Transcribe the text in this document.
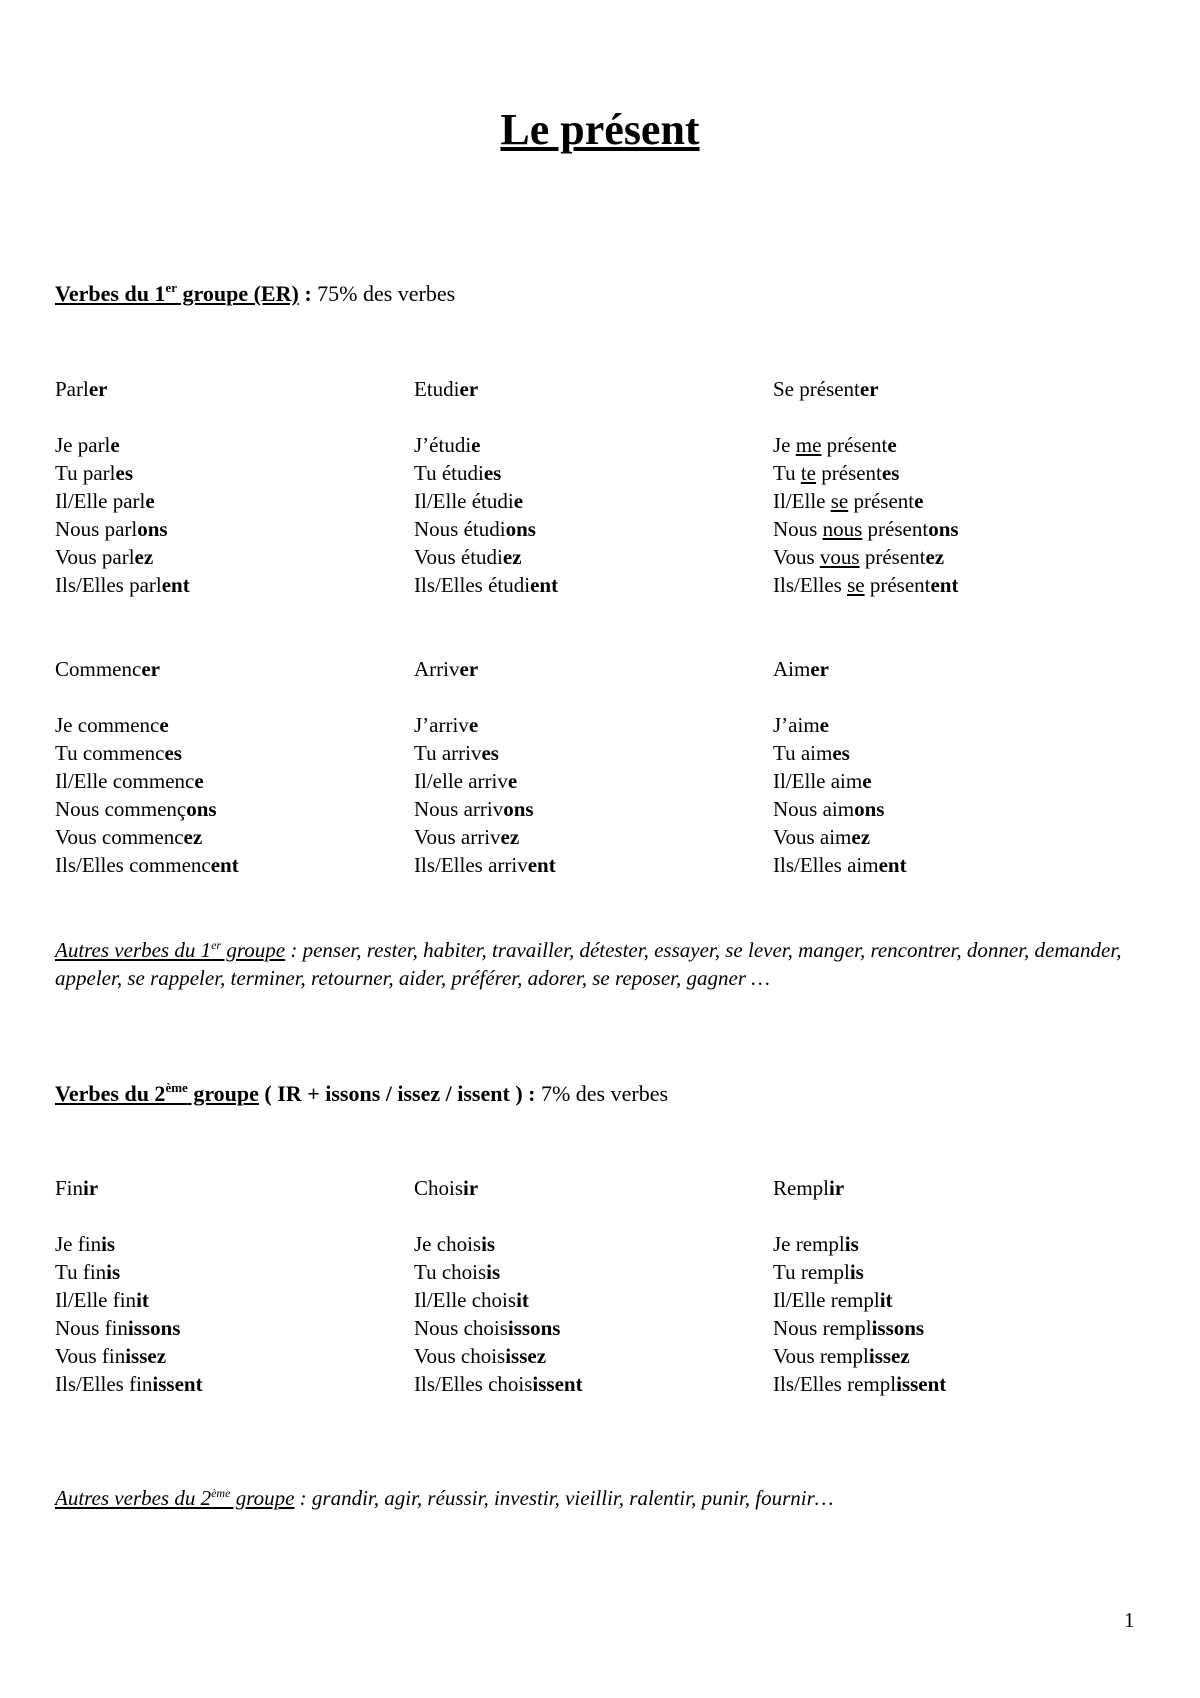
Le présent
Verbes du 1er groupe (ER) : 75% des verbes
Parler
Je parle
Tu parles
Il/Elle parle
Nous parlons
Vous parlez
Ils/Elles parlent
Etudier
J’étudie
Tu étudies
Il/Elle étudie
Nous étudions
Vous étudiez
Ils/Elles étudient
Se présenter
Je me présente
Tu te présentes
Il/Elle se présente
Nous nous présentons
Vous vous présentez
Ils/Elles se présentent
Commencer
Je commence
Tu commences
Il/Elle commence
Nous commençons
Vous commencez
Ils/Elles commencent
Arriver
J’arrive
Tu arrives
Il/elle arrive
Nous arrivons
Vous arrivez
Ils/Elles arrivent
Aimer
J’aime
Tu aimes
Il/Elle aime
Nous aimons
Vous aimez
Ils/Elles aiment
Autres verbes du 1er groupe : penser, rester, habiter, travailler, détester, essayer, se lever, manger, rencontrer, donner, demander, appeler, se rappeler, terminer, retourner, aider, préférer, adorer, se reposer, gagner …
Verbes du 2ème groupe ( IR + issons / issez / issent ) : 7% des verbes
Finir
Je finis
Tu finis
Il/Elle finit
Nous finissons
Vous finissez
Ils/Elles finissent
Choisir
Je choisis
Tu choisis
Il/Elle choisit
Nous choisissons
Vous choisissez
Ils/Elles choisissent
Remplir
Je remplis
Tu remplis
Il/Elle remplit
Nous remplissons
Vous remplissez
Ils/Elles remplissent
Autres verbes du 2ème groupe : grandir, agir, réussir, investir, vieillir, ralentir, punir, fournir…
1
